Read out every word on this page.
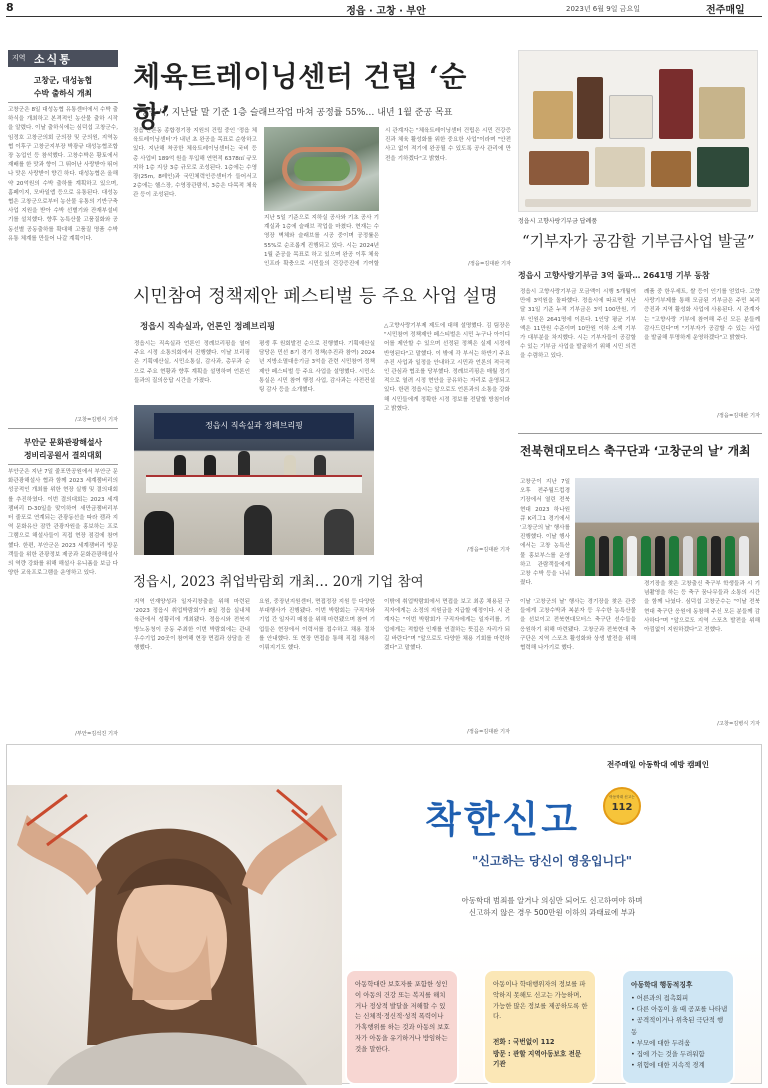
8	정읍 · 고창 · 부안	2023년 6월 9일 금요일	전주매일
지역 소식통
고창군, 대성농협
수박 출하식 개최
고창군은 8일 대성농협 유통센터에서 수박 출하식을 개최하고 본격적인 농산물 출하 시작을 알렸다. 이날 출하식에는 심덕섭 고창군수, 임정호 고창군의회 군의장 및 군의원, 지역농협 이후구 고창군지부장 박광규 대성농협조합장 농업인 등 참석했다. 고창수박은 황토에서 재배를 한 맛과 향이 그 뛰어난 사랑받아 뛰어나 맛은 사랑받이 향긴 하다. 대성농협은 올해 약 20억원의 수박 출하를 계획하고 있으며, 홈페이지, 모바일앱 등으로 유통된다. 대성농협은 고창군으로부터 농산물 유통의 기반구축 사업 지원을 받아 수박 선별기와 잔재부설비기를 설치했다. 향후 농특산물 고품질화와 공동선별 공동출하를 확대해 고품질 명품 수박 유통 체계를 만들어 나갈 계획이다.
/고창=김병식 기자
부안군 문화관광해설사
정비리공원서 결의대회
부안군은 지난 7일 줄포만공원에서 부안군 문화관광해설사 협과 함께 2023 세계잼버리의 성공적인 개최를 위한 현장 실행 및 결의대회를 추진하였다. 이번 결의대회는 2023 세계잼버리 D-30일을 맞이하여 새만금잼버리부터 줄포로 연계되는 관광동선을 따라 캠과 지역 문화유산 잠깐 관광자원을 홍보하는 프로그램으로 해설사들이 직접 현장 점검에 참여했다. 한편, 부안군은 2023 세계잼버리 방문객들을 위한 관광정보 제공과 문화관광해설사의 역량 강화를 위해 해설사 유니폼을 보급 다양한 교육프로그램을 운영하고 있다.
/부안=김석진 기자
체육트레이닝센터 건립 ‘순항’
정읍시, 지난달 말 기준 1층 슬래브작업 마쳐 공정률 55%… 내년 1월 준공 목표
정읍 산론동 종합경기장 지원의 건립 중인 '정읍 체육트레이닝센터'가 내년 초 완공을 목표로 순항하고 있다. 지난해 착공한 체육트레이닝센터는 국비 등 총 사업비 189억 원을 투입해 연면적 6378㎡ 규모 지하 1층 지상 3층 규모로 조성된다. 1층에는 수영장(25m, 8레인)과 국민체력인증센터가 들어서고 2층에는 헬스장, 수영장관람석, 3층은 다목적 체육관 등이 조성된다.
지난 5일 기준으로 지하실 공사와 기초 공사 기계실과 1층에 슬래브 작업을 마쳤다. 현재는 수영장 벽체와 슬래브를 시공 중이며 공정률은 55%로 순조롭게 진행되고 있다. 시는 2024년 1월 준공을 목표로 하고 있으며 완공 이후 체육 인프라 확충으로 시민들의 건강증진에 기여할
시 관계자는 "체육트레이닝센터 건립은 시민 건강증진과 체육 활성화를 위한 중요한 사업"이라며 "안전사고 없이 적기에 완공될 수 있도록 공사 관리에 만전을 기하겠다"고 밝혔다.
/정읍=김대완 기자
정읍시 고향사랑기부금 답례품
시민참여 정책제안 페스티벌 등 주요 사업 설명
정읍시 직속실과, 언론인 정례브리핑
정읍시는 직속실과 언론인 정례브리핑을 열어 주요 시정 소통의회에서 진행했다. 이날 브리핑은 기획예산실, 시민소통실, 감사과, 총무과 순으로 주요 현황과 향후 계획을 설명하며 언론인들과의 질의응답 시간을 가졌다.
평생 후 원회발전 순으로 진행했다. 기획예산실 담당은 민선 8기 경기 정책(추진과 참여) 2024년 지방소멸대응기금 3억을 관련 시민참여 정책제안 페스티벌 등 주요 사업을 설명했다. 시민소통실은 시민 참여 행정 사업, 감사과는 사전컨설팅 감사 등을 소개했다.
정읍시 직속실과 정례브리핑
△고향사랑기부제 제도에 대해 설명했다. 김 팀장은 "시민참여 정책제안 페스티벌은 시민 누구나 아이디어를 제안할 수 있으며 선정된 정책은 실제 시정에 반영된다"고 말했다. 이 밖에 각 부서는 하반기 주요 추진 사업과 일정을 안내하고 시민과 언론의 적극적인 관심과 협조를 당부했다. 정례브리핑은 매월 정기적으로 열려 시정 현안을 공유하는 자리로 운영되고 있다. 한편 정읍시는 앞으로도 언론과의 소통을 강화해 시민들에게 정확한 시정 정보를 전달할 방침이라고 밝혔다.
/정읍=김대완 기자
정읍시, 2023 취업박람회 개최… 20개 기업 참여
지역 인재양성과 일자리창출을 위해 마련된 '2023 정읍시 취업박람회'가 8일 정읍 실내체육관에서 성황리에 개최됐다. 정읍시와 전북지방노동청이 공동 주최한 이번 박람회에는 관내 우수기업 20곳이 참여해 현장 면접과 상담을 진행했다.
요원, 중장년지원센터, 면접정장 지원 등 다양한 부대행사가 진행됐다. 이번 박람회는 구직자와 기업 간 일자리 매칭을 위해 마련됐으며 참여 기업들은 현장에서 이력서를 접수하고 채용 절차를 안내했다. 또 현장 면접을 통해 직접 채용이 이뤄지기도 했다.
이밖에 취업박람회에서 면접을 보고 최종 채용된 구직자에게는 소정의 지원금을 지급할 예정이다. 시 관계자는 "이번 박람회가 구직자에게는 일자리를, 기업에게는 적합한 인재를 연결하는 뜻깊은 자리가 되길 바란다"며 "앞으로도 다양한 채용 기회를 마련하겠다"고 말했다.
/정읍=김대완 기자
“기부자가 공감할 기부금사업 발굴”
정읍시 고향사랑기부금 3억 돌파… 2641명 기부 동참
정읍시 고향사랑기부금 모금액이 시행 5개월여 만에 3억원을 돌파했다. 정읍시에 따르면 지난달 31일 기준 누적 기부금은 3억 100만원, 기부 인원은 2641명에 이른다. 1인당 평균 기부액은 11만원 수준이며 10만원 이하 소액 기부가 대부분을 차지했다. 시는 기부자들이 공감할 수 있는 기부금 사업을 발굴하기 위해 시민 의견을 수렴하고 있다.
례품 중 한우세트, 쌀 등이 인기를 얻었다. 고향사랑기부제를 통해 모금된 기부금은 주민 복리 증진과 지역 활성화 사업에 사용된다. 시 관계자는 "고향사랑 기부에 참여해 주신 모든 분들께 감사드린다"며 "기부자가 공감할 수 있는 사업을 발굴해 투명하게 운영하겠다"고 밝혔다.
/정읍=김대완 기자
전북현대모터스 축구단과 ‘고창군의 날’ 개최
고창군이 지난 7일 오후 전주월드컵경기장에서 열린 전북현대 2023 하나원큐 K리그1 경기에서 '고창군의 날' 행사를 진행했다. 이날 행사에서는 고창 농특산물 홍보부스를 운영하고 관람객들에게 고창 수박 등을 나눠줬다.
이날 '고창군의 날' 행사는 경기장을 찾은 관중들에게 고창수박과 복분자 등 우수한 농특산물을 선보이고 전북현대모터스 축구단 선수들을 응원하기 위해 마련됐다. 고창군과 전북현대 축구단은 지역 스포츠 활성화와 상생 발전을 위해 협력해 나가기로 했다.
경기장을 찾은 고창출신 축구부 학생들과 시 기념촬영을 하는 등 축구 꿈나무들과 소통의 시간을 함께 나눴다. 심덕섭 고창군수는 "이날 전북현대 축구단 응원에 동참해 주신 모든 분들께 감사하다"며 "앞으로도 지역 스포츠 발전을 위해 아낌없이 지원하겠다"고 전했다.
/고창=김병식 기자
전주매일 아동학대 예방 캠페인
착한신고
아동학대 신고는
112
"신고하는 당신이 영웅입니다"
아동학대 범죄를 알거나 의심만 되어도 신고하여야 하며
신고하지 않은 경우 500만원 이하의 과태료에 부과
아동학대란 보호자를 포함한 성인이 아동의 건강 또는 복지를 해치거나 정상적 발달을 저해할 수 있는 신체적·정신적·성적 폭력이나 가혹행위를 하는 것과 아동의 보호자가 아동을 유기하거나 방임하는 것을 말한다.
아동이나 학대행위자의 정보를 파악하지 못해도 신고는 가능하며, 가능한 많은 정보를 제공하도록 한다.
전화 : 국번없이 112
방문 : 관할 지역아동보호 전문기관
아동학대 행동적징후
• 어른과의 접촉회피
• 다른 아동이 울 때 공포를 나타냄
• 공격적이거나 위축된 극단적 행동
• 부모에 대한 두려움
• 집에 가는 것을 두려워함
• 위험에 대한 지속적 경계
